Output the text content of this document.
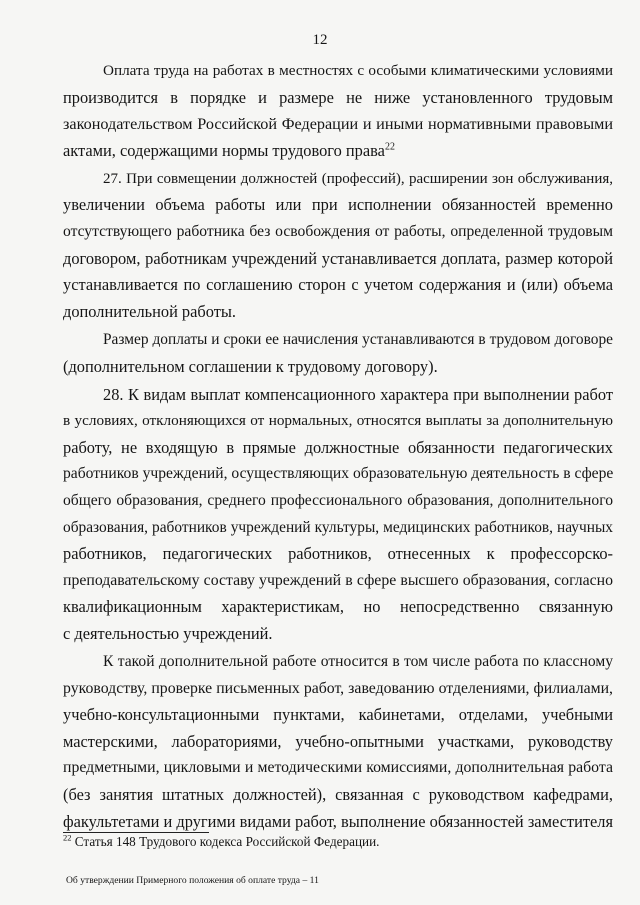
12
Оплата труда на работах в местностях с особыми климатическими условиями
производится в порядке и размере не ниже установленного трудовым
законодательством Российской Федерации и иными нормативными правовыми
актами, содержащими нормы трудового права$^{22}$
27. При совмещении должностей (профессий), расширении зон обслуживания,
увеличении объема работы или при исполнении обязанностей временно
отсутствующего работника без освобождения от работы, определенной трудовым
договором, работникам учреждений устанавливается доплата, размер которой
устанавливается по соглашению сторон с учетом содержания и (или) объема
дополнительной работы.
Размер доплаты и сроки ее начисления устанавливаются в трудовом договоре
(дополнительном соглашении к трудовому договору).
28. К видам выплат компенсационного характера при выполнении работ
в условиях, отклоняющихся от нормальных, относятся выплаты за дополнительную
работу, не входящую в прямые должностные обязанности педагогических
работников учреждений, осуществляющих образовательную деятельность в сфере
общего образования, среднего профессионального образования, дополнительного
образования, работников учреждений культуры, медицинских работников, научных
работников, педагогических работников, отнесенных к профессорско-
преподавательскому составу учреждений в сфере высшего образования, согласно
квалификационным характеристикам, но непосредственно связанную
с деятельностью учреждений.
К такой дополнительной работе относится в том числе работа по классному
руководству, проверке письменных работ, заведованию отделениями, филиалами,
учебно-консультационными пунктами, кабинетами, отделами, учебными
мастерскими, лабораториями, учебно-опытными участками, руководству
предметными, цикловыми и методическими комиссиями, дополнительная работа
(без занятия штатных должностей), связанная с руководством кафедрами,
факультетами и другими видами работ, выполнение обязанностей заместителя
$^{22}$ Статья 148 Трудового кодекса Российской Федерации.
Об утверждении Примерного положения об оплате труда – 11
